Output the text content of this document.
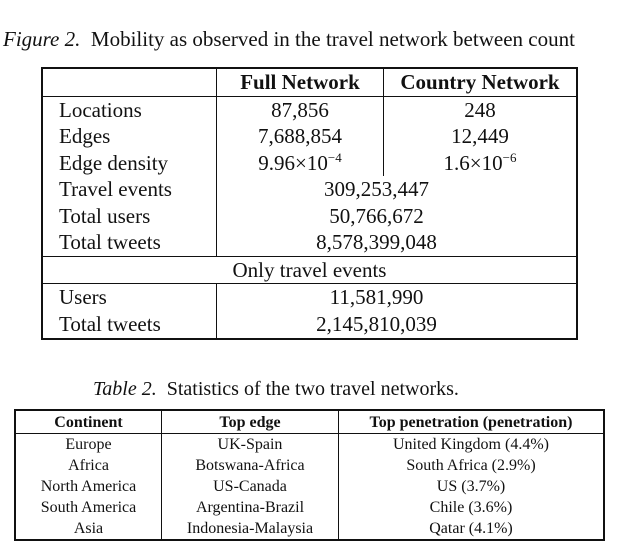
Figure 2. Mobility as observed in the travel network between count
	Full Network	Country Network
Locations	87,856	248
Edges	7,688,854	12,449
Edge density	$9.96\times 10^{-4}$	$1.6\times 10^{-6}$
Travel events	309,253,447	
Total users	50,766,672	
Total tweets	8,578,399,048	
Only travel events		
Users	11,581,990	
Total tweets	2,145,810,039	
Table 2. Statistics of the two travel networks.
Continent	Top edge	Top penetration (penetration)
Europe	UK-Spain	United Kingdom (4.4%)
Africa	Botswana-Africa	South Africa (2.9%)
North America	US-Canada	US (3.7%)
South America	Argentina-Brazil	Chile (3.6%)
Asia	Indonesia-Malaysia	Qatar (4.1%)
